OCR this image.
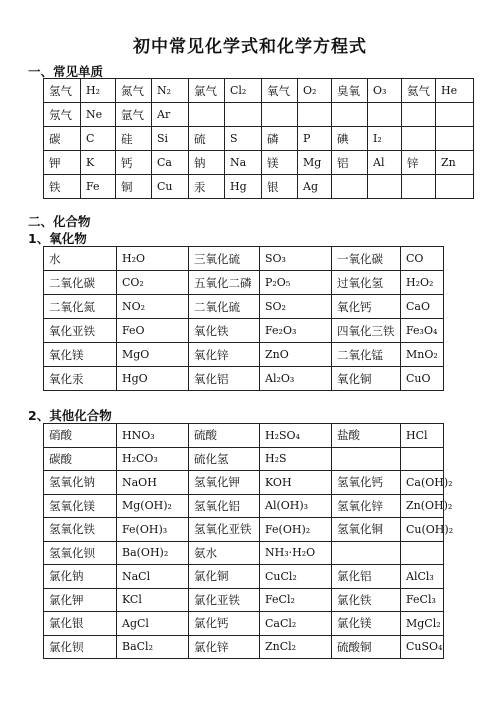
初中常见化学式和化学方程式
一、常见单质
氢气	H₂	氮气	N₂	氯气	Cl₂	氧气	O₂	臭氧	O₃	氦气	He
氖气	Ne	氩气	Ar								
碳	C	硅	Si	硫	S	磷	P	碘	I₂		
钾	K	钙	Ca	钠	Na	镁	Mg	铝	Al	锌	Zn
铁	Fe	铜	Cu	汞	Hg	银	Ag				
二、化合物
1、氧化物
水	H₂O	三氧化硫	SO₃	一氧化碳	CO
二氧化碳	CO₂	五氧化二磷	P₂O₅	过氧化氢	H₂O₂
二氧化氮	NO₂	二氧化硫	SO₂	氧化钙	CaO
氧化亚铁	FeO	氧化铁	Fe₂O₃	四氧化三铁	Fe₃O₄
氧化镁	MgO	氧化锌	ZnO	二氧化锰	MnO₂
氧化汞	HgO	氧化铝	Al₂O₃	氧化铜	CuO
2、其他化合物
硝酸	HNO₃	硫酸	H₂SO₄	盐酸	HCl
碳酸	H₂CO₃	硫化氢	H₂S		
氢氧化钠	NaOH	氢氧化钾	KOH	氢氧化钙	Ca(OH)₂
氢氧化镁	Mg(OH)₂	氢氧化铝	Al(OH)₃	氢氧化锌	Zn(OH)₂
氢氧化铁	Fe(OH)₃	氢氧化亚铁	Fe(OH)₂	氢氧化铜	Cu(OH)₂
氢氧化钡	Ba(OH)₂	氨水	NH₃·H₂O		
氯化钠	NaCl	氯化铜	CuCl₂	氯化铝	AlCl₃
氯化钾	KCl	氯化亚铁	FeCl₂	氯化铁	FeCl₃
氯化银	AgCl	氯化钙	CaCl₂	氯化镁	MgCl₂
氯化钡	BaCl₂	氯化锌	ZnCl₂	硫酸铜	CuSO₄
